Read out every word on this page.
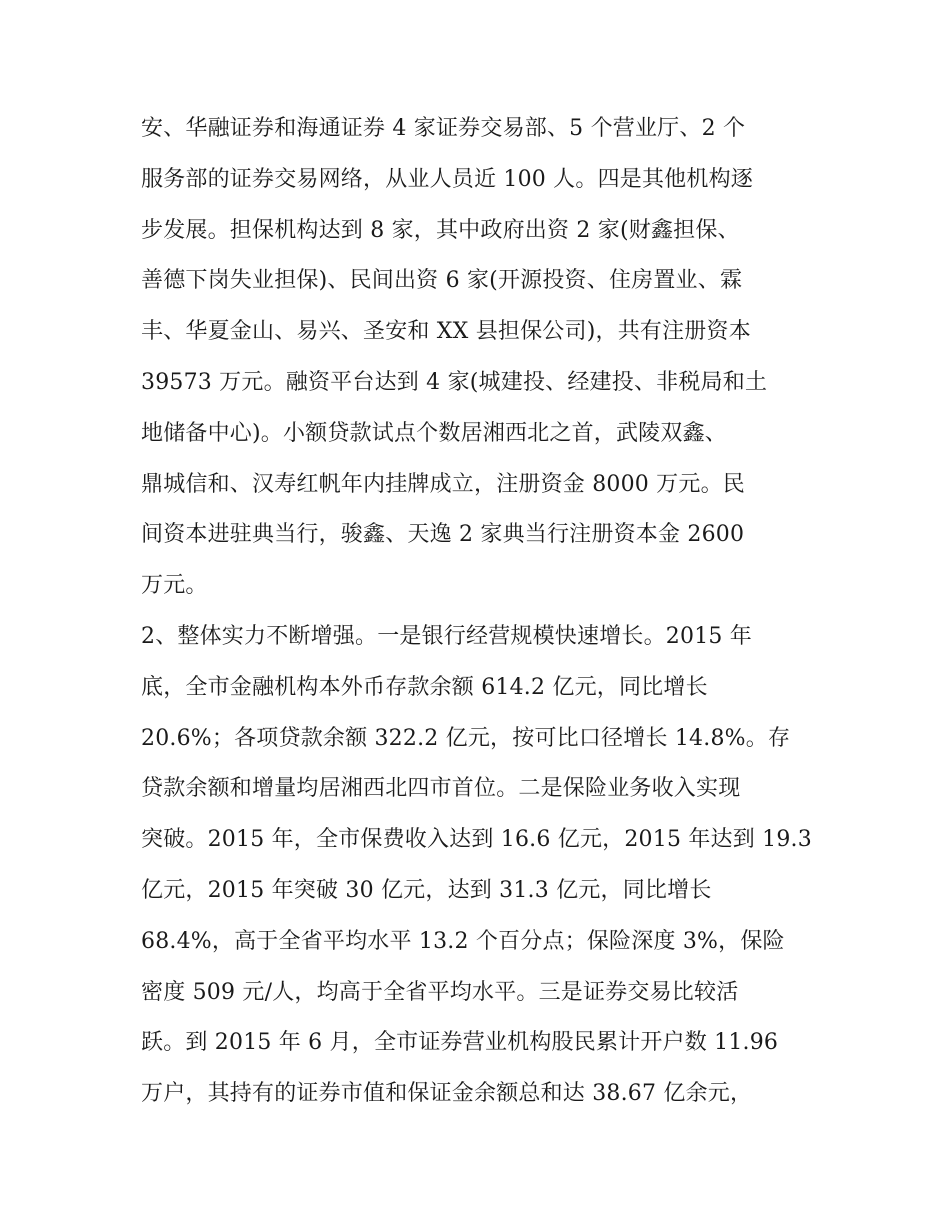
安、华融证券和海通证券 4 家证券交易部、5 个营业厅、2 个
服务部的证券交易网络，从业人员近 100 人。四是其他机构逐
步发展。担保机构达到 8 家，其中政府出资 2 家(财鑫担保、
善德下岗失业担保)、民间出资 6 家(开源投资、住房置业、霖
丰、华夏金山、易兴、圣安和 XX 县担保公司)，共有注册资本
39573 万元。融资平台达到 4 家(城建投、经建投、非税局和土
地储备中心)。小额贷款试点个数居湘西北之首，武陵双鑫、
鼎城信和、汉寿红帆年内挂牌成立，注册资金 8000 万元。民
间资本进驻典当行，骏鑫、天逸 2 家典当行注册资本金 2600
万元。
2、整体实力不断增强。一是银行经营规模快速增长。2015 年
底，全市金融机构本外币存款余额 614.2 亿元，同比增长
20.6%；各项贷款余额 322.2 亿元，按可比口径增长 14.8%。存
贷款余额和增量均居湘西北四市首位。二是保险业务收入实现
突破。2015 年，全市保费收入达到 16.6 亿元，2015 年达到 19.3
亿元，2015 年突破 30 亿元，达到 31.3 亿元，同比增长
68.4%，高于全省平均水平 13.2 个百分点；保险深度 3%，保险
密度 509 元/人，均高于全省平均水平。三是证券交易比较活
跃。到 2015 年 6 月，全市证券营业机构股民累计开户数 11.96
万户，其持有的证券市值和保证金余额总和达 38.67 亿余元，
